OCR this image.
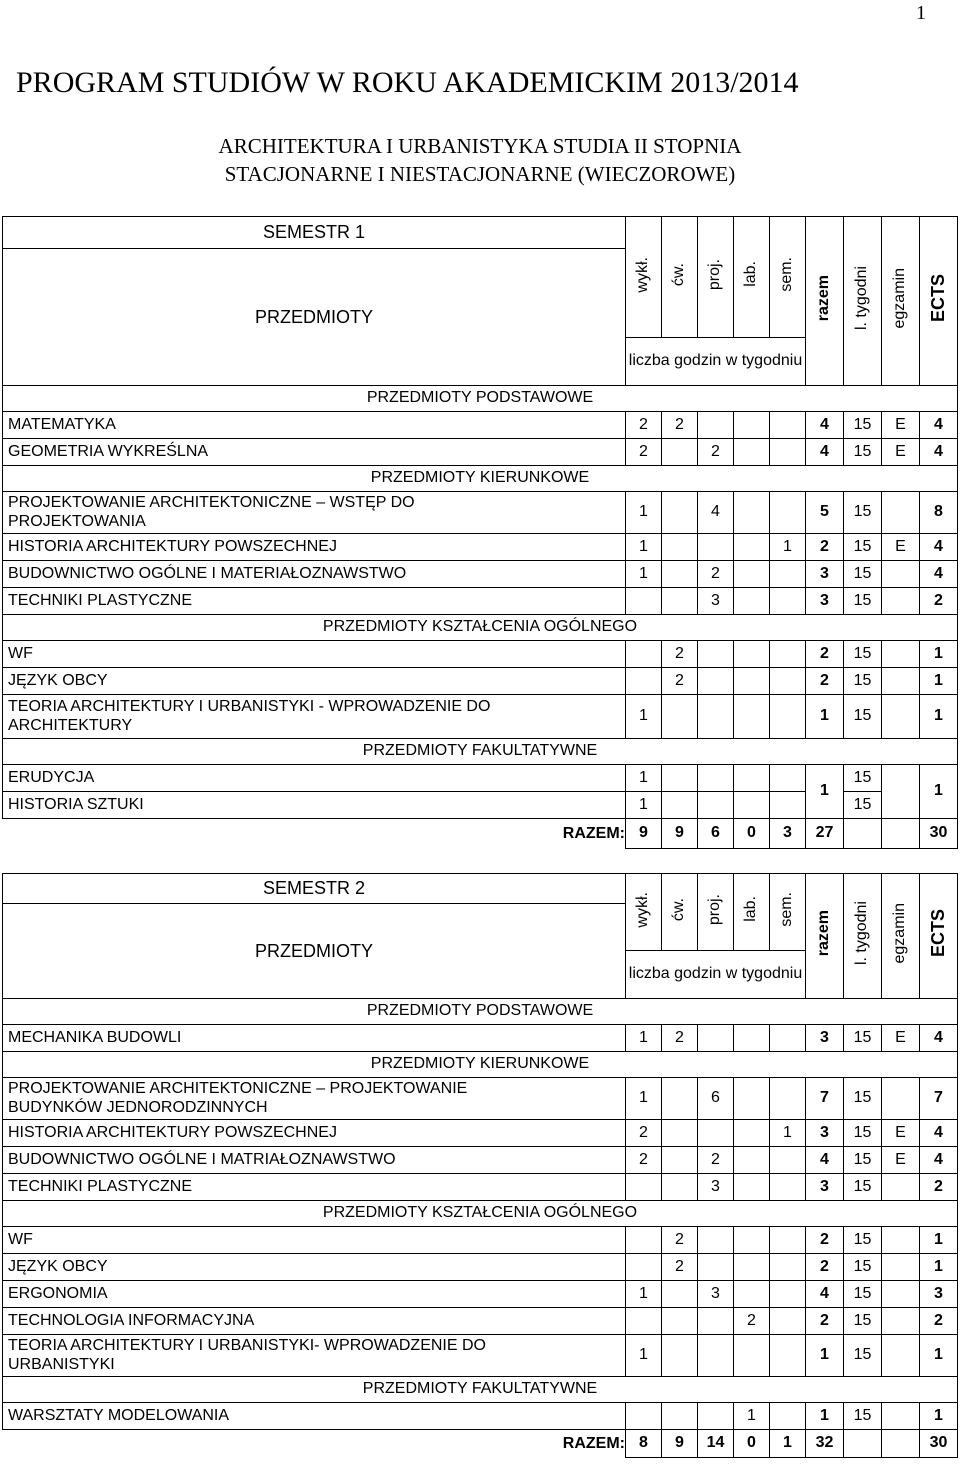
1
PROGRAM STUDIÓW W ROKU AKADEMICKIM 2013/2014
ARCHITEKTURA I URBANISTYKA STUDIA II STOPNIA
STACJONARNE I NIESTACJONARNE (WIECZOROWE)
SEMESTR 1	wykł.	ćw.	proj.	lab.	sem.	razem	l. tygodni	egzamin	ECTS
PRZEDMIOTY									
	liczba godzin w tygodniu								
PRZEDMIOTY PODSTAWOWE									
MATEMATYKA	2	2				4	15	E	4
GEOMETRIA WYKREŚLNA	2		2			4	15	E	4
PRZEDMIOTY KIERUNKOWE									
PROJEKTOWANIE ARCHITEKTONICZNE – WSTĘP DO PROJEKTOWANIA	1		4			5	15		8
HISTORIA ARCHITEKTURY POWSZECHNEJ	1				1	2	15	E	4
BUDOWNICTWO OGÓLNE I MATERIAŁOZNAWSTWO	1		2			3	15		4
TECHNIKI PLASTYCZNE			3			3	15		2
PRZEDMIOTY KSZTAŁCENIA OGÓLNEGO									
WF		2				2	15		1
JĘZYK OBCY		2				2	15		1
TEORIA ARCHITEKTURY I URBANISTYKI - WPROWADZENIE DO ARCHITEKTURY	1					1	15		1
PRZEDMIOTY FAKULTATYWNE									
ERUDYCJA	1					1	15		1
HISTORIA SZTUKI	1						15		
RAZEM:	9	9	6	0	3	27			30
SEMESTR 2	wykł.	ćw.	proj.	lab.	sem.	razem	l. tygodni	egzamin	ECTS
PRZEDMIOTY									
	liczba godzin w tygodniu								
PRZEDMIOTY PODSTAWOWE									
MECHANIKA BUDOWLI	1	2				3	15	E	4
PRZEDMIOTY KIERUNKOWE									
PROJEKTOWANIE ARCHITEKTONICZNE – PROJEKTOWANIE BUDYNKÓW JEDNORODZINNYCH	1		6			7	15		7
HISTORIA ARCHITEKTURY POWSZECHNEJ	2				1	3	15	E	4
BUDOWNICTWO OGÓLNE I MATRIAŁOZNAWSTWO	2		2			4	15	E	4
TECHNIKI PLASTYCZNE			3			3	15		2
PRZEDMIOTY KSZTAŁCENIA OGÓLNEGO									
WF		2				2	15		1
JĘZYK OBCY		2				2	15		1
ERGONOMIA	1		3			4	15		3
TECHNOLOGIA INFORMACYJNA				2		2	15		2
TEORIA ARCHITEKTURY I URBANISTYKI- WPROWADZENIE DO URBANISTYKI	1					1	15		1
PRZEDMIOTY FAKULTATYWNE									
WARSZTATY MODELOWANIA				1		1	15		1
RAZEM:	8	9	14	0	1	32			30
